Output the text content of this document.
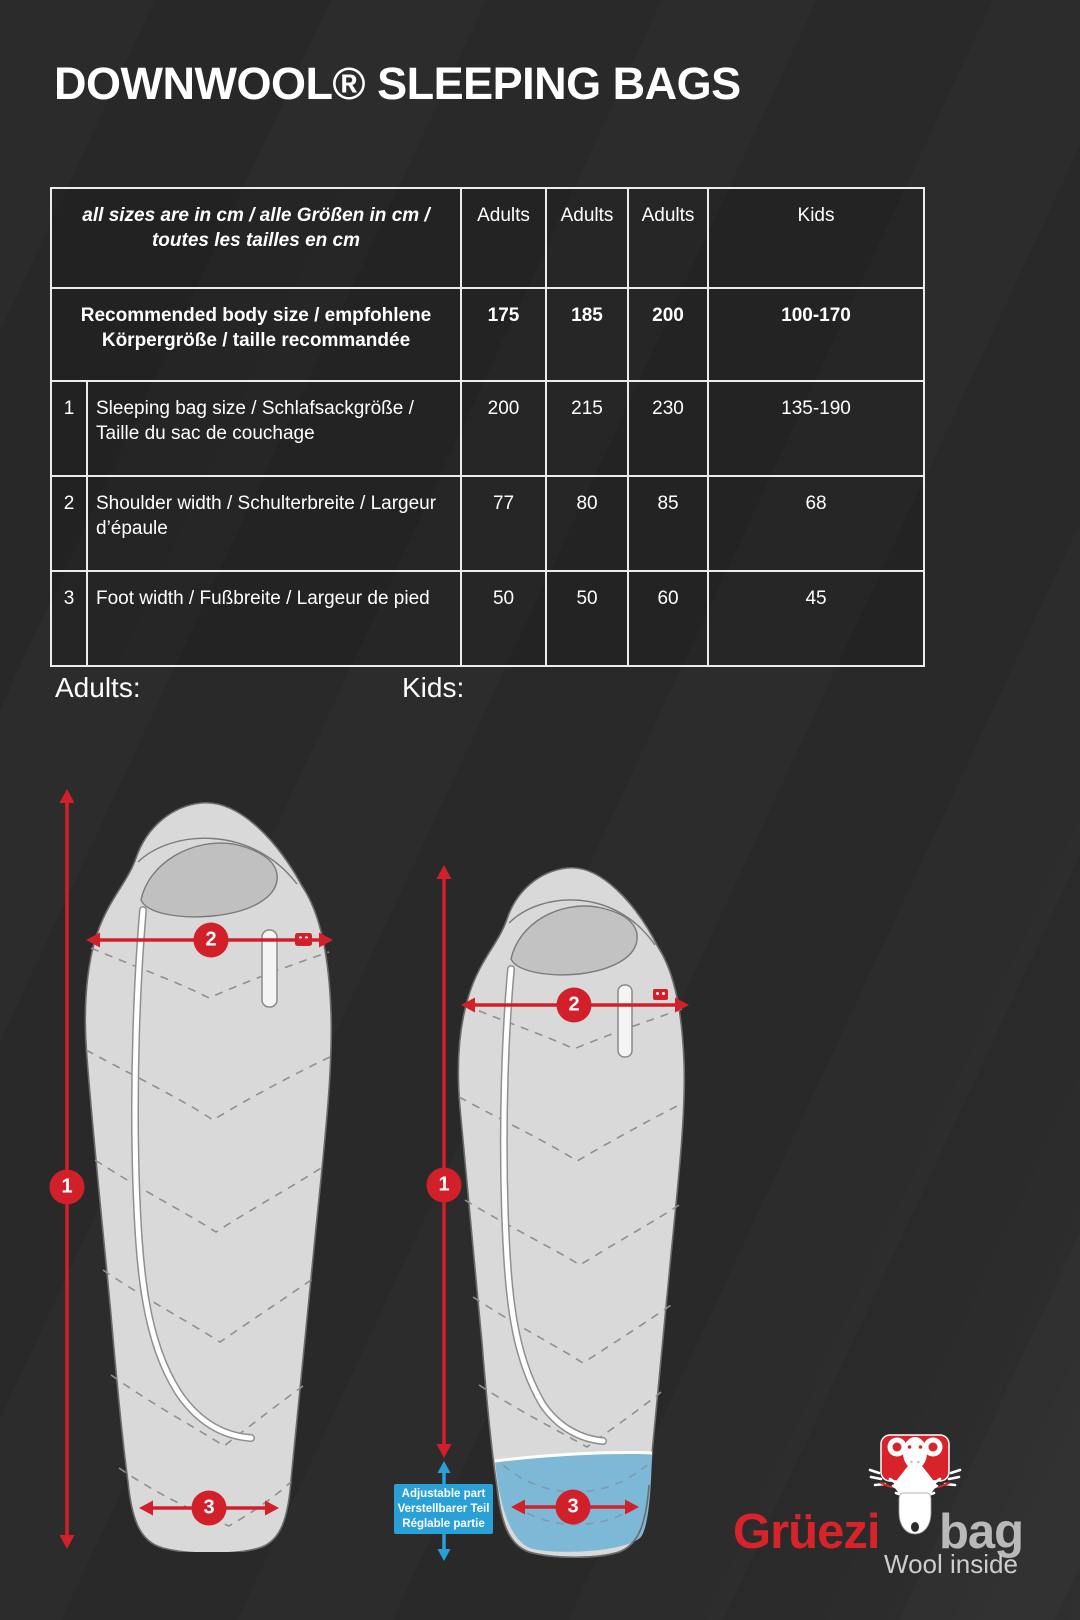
DOWNWOOL® SLEEPING BAGS
all sizes are in cm / alle Größen in cm / toutes les tailles en cm		Adults	Adults	Adults	Kids
Recommended body size / empfohlene Körpergröße / taille recommandée		175	185	200	100-170
1	Sleeping bag size / Schlafsackgröße / Taille du sac de couchage	200	215	230	135-190
2	Shoulder width / Schulterbreite / Largeur d’épaule	77	80	85	68
3	Foot width / Fußbreite / Largeur de pied	50	50	60	45
Adults:	Kids:
1
2
3
1
2
3
Adjustable part
Verstellbarer Teil
Réglable partie	Grüezi bag
Wool inside
